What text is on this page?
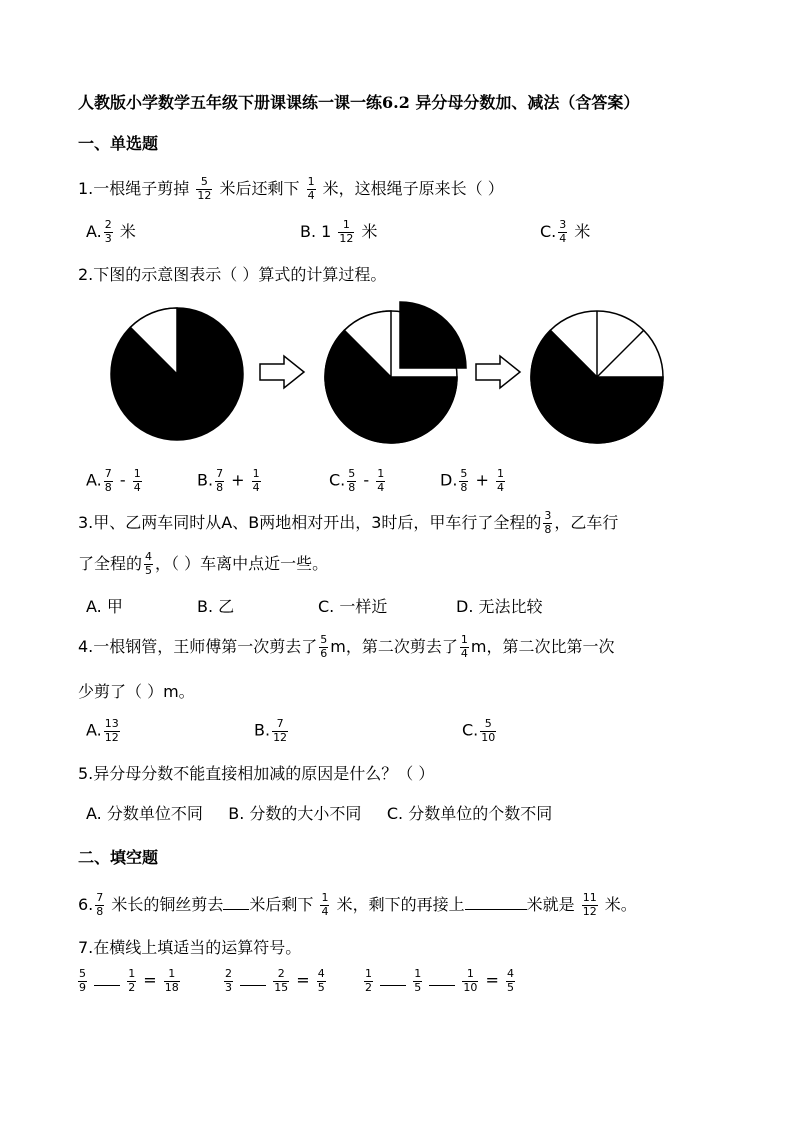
人教版小学数学五年级下册课课练一课一练6.2 异分母分数加、减法（含答案）
一、单选题
1.一根绳子剪掉 $\frac{5}{12}$ 米后还剩下 $\frac{1}{4}$ 米，这根绳子原来长（ ）
A. $\frac{2}{3}$ 米	B. $1 \frac{1}{12}$ 米	C. $\frac{3}{4}$ 米
2.下图的示意图表示（ ）算式的计算过程。
A. $\frac{7}{8} - \frac{1}{4}$	B. $\frac{7}{8} + \frac{1}{4}$	C. $\frac{5}{8} - \frac{1}{4}$	D. $\frac{5}{8} + \frac{1}{4}$
3.甲、乙两车同时从A、B两地相对开出，3时后，甲车行了全程的 $\frac{3}{8}$ ，乙车行
了全程的 $\frac{4}{5}$ ，（ ）车离中点近一些。
A. 甲	B. 乙	C. 一样近	D. 无法比较
4.一根钢管，王师傅第一次剪去了 $\frac{5}{6}$ m，第二次剪去了 $\frac{1}{4}$ m，第二次比第一次
少剪了（ ）m。
A. $\frac{13}{12}$	B. $\frac{7}{12}$	C. $\frac{5}{10}$
5.异分母分数不能直接相加减的原因是什么？（ ）
A. 分数单位不同     B. 分数的大小不同     C. 分数单位的个数不同
二、填空题
6. $\frac{7}{8}$ 米长的铜丝剪去 米后剩下 $\frac{1}{4}$ 米，剩下的再接上	米就是 $\frac{11}{12}$ 米。
7.在横线上填适当的运算符号。
$\frac{5}{9}$
	$\frac{1}{2} = \frac{1}{18}$	$\frac{2}{3}$
	$\frac{2}{15} = \frac{4}{5}$	$\frac{1}{2}$
	$\frac{1}{5}$
	$\frac{1}{10} = \frac{4}{5}$
